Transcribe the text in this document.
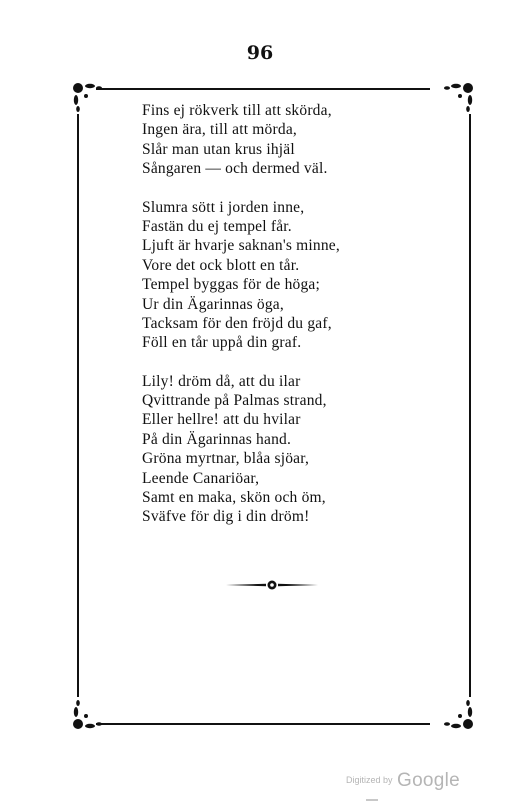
96
Fins ej rökverk till att skörda,
Ingen ära, till att mörda,
Slår man utan krus ihjäl
Sångaren — och dermed väl.
Slumra sött i jorden inne,
Fastän du ej tempel får.
Ljuft är hvarje saknan's minne,
Vore det ock blott en tår.
Tempel byggas för de höga;
Ur din Ägarinnas öga,
Tacksam för den fröjd du gaf,
Föll en tår uppå din graf.
Lily! dröm då, att du ilar
Qvittrande på Palmas strand,
Eller hellre! att du hvilar
På din Ägarinnas hand.
Gröna myrtnar, blåa sjöar,
Leende Canariöar,
Samt en maka, skön och öm,
Sväfve för dig i din dröm!
Digitized by Google
